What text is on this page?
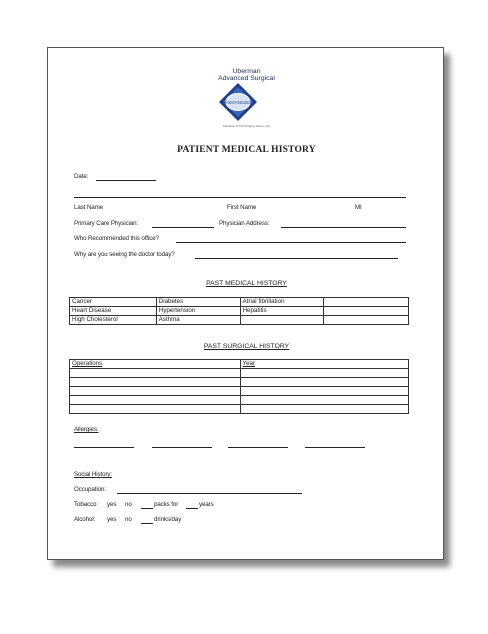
Uberman
Advanced Surgical
ADVANCED
A Division of XXX Surgery Group, LLC
PATIENT MEDICAL HISTORY
Date:
Last Name	First Name	MI
Primary Care Physician:	Physician Address:
Who Recommended this office?
Why are you seeing the doctor today?
PAST MEDICAL HISTORY
Cancer	Diabetes	Atrial fibrillation	
Heart Disease	Hypertension	Hepatitis	
High Cholesterol	Asthma		
PAST SURGICAL HISTORY
Operations	Year

Allergies:
Social History:
Occupation:
Tobacco: yes no	packs for	years
Alcohol: yes no	drinks/day
